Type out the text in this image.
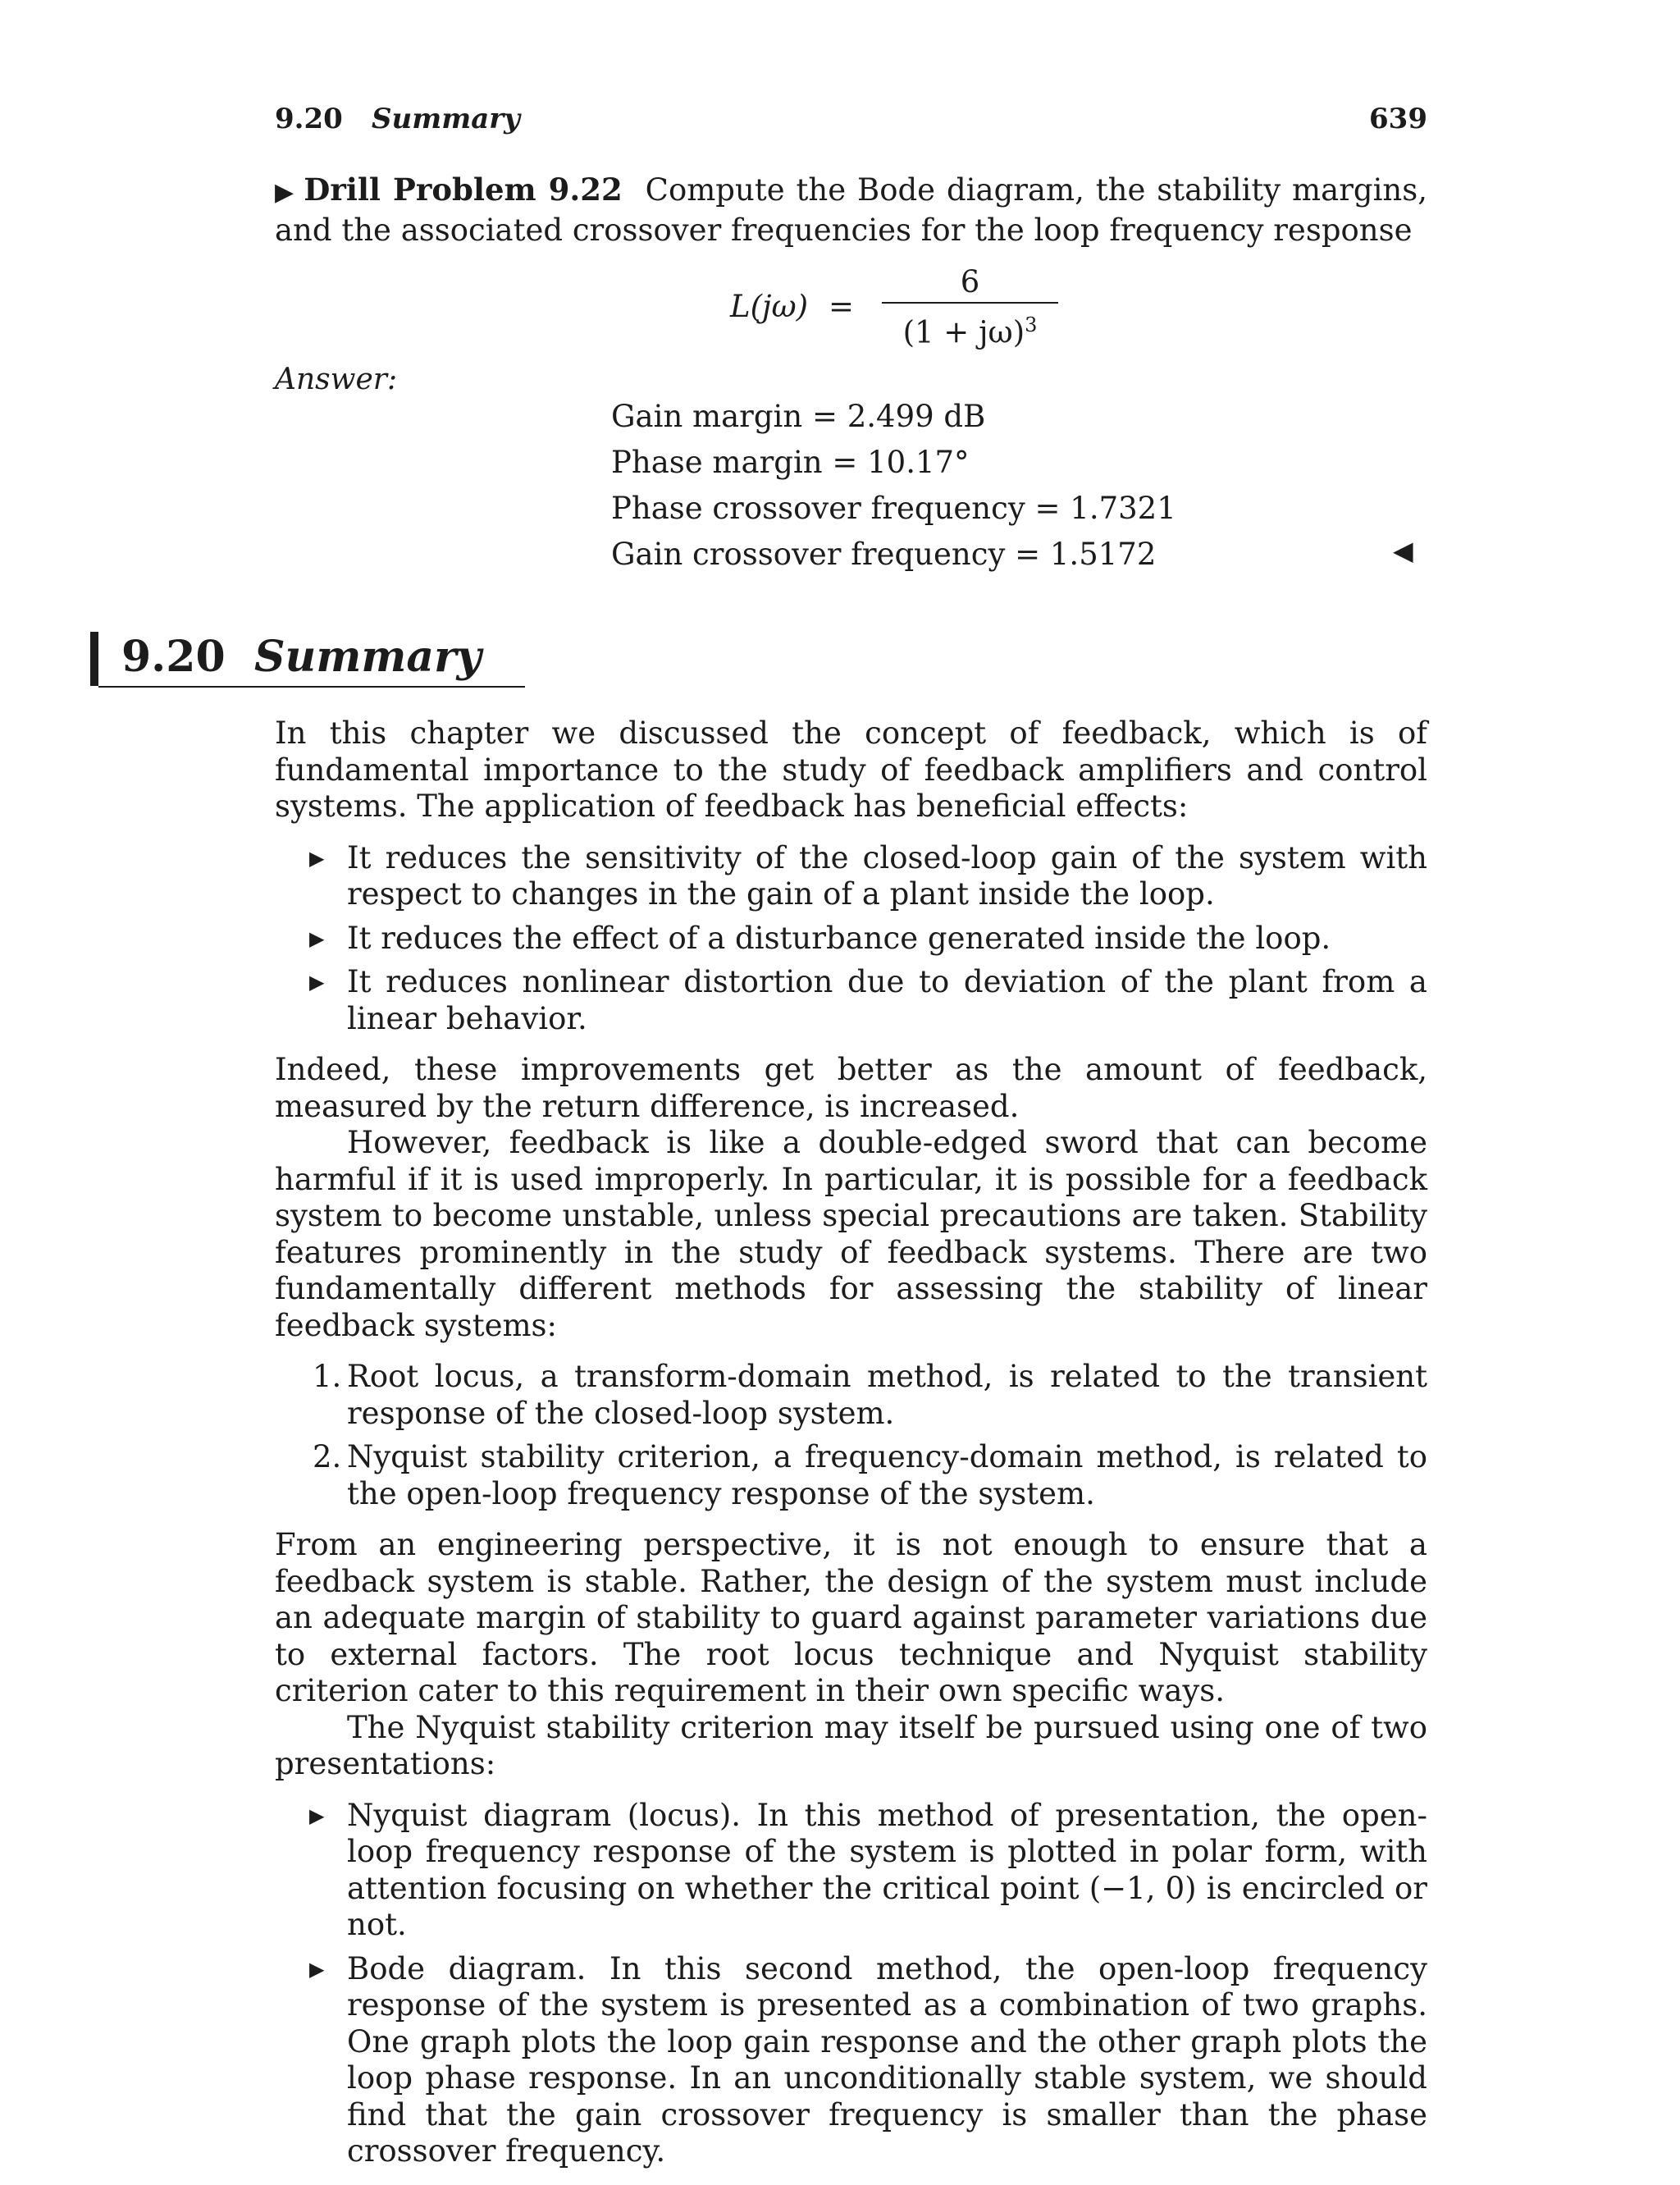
9.20 Summary	639
▶ Drill Problem 9.22 Compute the Bode diagram, the stability margins, and the associated crossover frequencies for the loop frequency response
L(jω) =
6
$(1 + j\omega)^3$
Answer:
Gain margin = 2.499 dB
Phase margin = 10.17°
Phase crossover frequency = 1.7321
Gain crossover frequency = 1.5172	◀
9.20 Summary

In this chapter we discussed the concept of feedback, which is of fundamental importance to the study of feedback amplifiers and control systems. The application of feedback has beneficial effects:

▶ It reduces the sensitivity of the closed-loop gain of the system with respect to changes in the gain of a plant inside the loop.
▶ It reduces the effect of a disturbance generated inside the loop.
▶ It reduces nonlinear distortion due to deviation of the plant from a linear behavior.

Indeed, these improvements get better as the amount of feedback, measured by the return difference, is increased.

However, feedback is like a double-edged sword that can become harmful if it is used improperly. In particular, it is possible for a feedback system to become unstable, unless special precautions are taken. Stability features prominently in the study of feedback systems. There are two fundamentally different methods for assessing the stability of linear feedback systems:

1. Root locus, a transform-domain method, is related to the transient response of the closed-loop system.
2. Nyquist stability criterion, a frequency-domain method, is related to the open-loop frequency response of the system.

From an engineering perspective, it is not enough to ensure that a feedback system is stable. Rather, the design of the system must include an adequate margin of stability to guard against parameter variations due to external factors. The root locus technique and Nyquist stability criterion cater to this requirement in their own specific ways.

The Nyquist stability criterion may itself be pursued using one of two presentations:

▶ Nyquist diagram (locus). In this method of presentation, the open-loop frequency response of the system is plotted in polar form, with attention focusing on whether the critical point (−1, 0) is encircled or not.
▶ Bode diagram. In this second method, the open-loop frequency response of the system is presented as a combination of two graphs. One graph plots the loop gain response and the other graph plots the loop phase response. In an unconditionally stable system, we should find that the gain crossover frequency is smaller than the phase crossover frequency.
